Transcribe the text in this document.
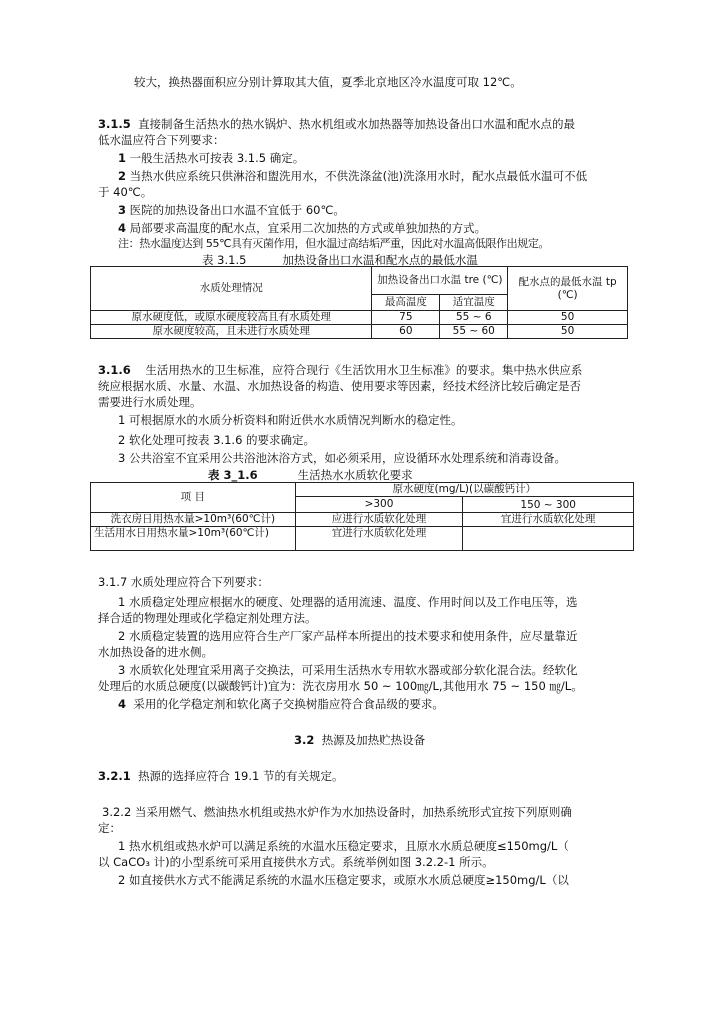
较大，换热器面积应分别计算取其大值，夏季北京地区冷水温度可取 12℃。
3.1.5 直接制备生活热水的热水锅炉、热水机组或水加热器等加热设备出口水温和配水点的最
低水温应符合下列要求：
1 一般生活热水可按表 3.1.5 确定。
2 当热水供应系统只供淋浴和盥洗用水，不供洗涤盆(池)洗涤用水时，配水点最低水温可不低
于 40℃。
3 医院的加热设备出口水温不宜低于 60℃。
4 局部要求高温度的配水点，宜采用二次加热的方式或单独加热的方式。
注：热水温度达到 55℃具有灭菌作用，但水温过高结垢严重，因此对水温高低限作出规定。
表 3.1.5	加热设备出口水温和配水点的最低水温
水质处理情况	加热设备出口水温 tre (℃)		配水点的最低水温 tp (℃)
	最高温度	适宜温度	
原水硬度低，或原水硬度较高且有水质处理	75	55 ~ 6	50
原水硬度较高，且未进行水质处理	60	55 ~ 60	50
3.1.6 生活用热水的卫生标准，应符合现行《生活饮用水卫生标准》的要求。集中热水供应系
统应根据水质、水量、水温、水加热设备的构造、使用要求等因素，经技术经济比较后确定是否
需要进行水质处理。
1 可根据原水的水质分析资料和附近供水水质情况判断水的稳定性。
2 软化处理可按表 3.1.6 的要求确定。
3 公共浴室不宜采用公共浴池沐浴方式，如必须采用，应设循环水处理系统和消毒设备。
表 3_1.6	生活热水水质软化要求
项 目	原水硬度(mg/L)(以碳酸钙计）	
	>300	150 ~ 300
洗衣房日用热水量>10m³(60℃计)	应进行水质软化处理	宜进行水质软化处理
生活用水日用热水量>10m³(60℃计)	宜进行水质软化处理	
3.1.7 水质处理应符合下列要求：
1 水质稳定处理应根据水的硬度、处理器的适用流速、温度、作用时间以及工作电压等，选
择合适的物理处理或化学稳定剂处理方法。
2 水质稳定装置的选用应符合生产厂家产品样本所提出的技术要求和使用条件，应尽量靠近
水加热设备的进水侧。
3 水质软化处理宜采用离子交换法，可采用生活热水专用软水器或部分软化混合法。经软化
处理后的水质总硬度(以碳酸钙计)宜为：洗衣房用水 50 ~ 100㎎/L,其他用水 75 ~ 150 ㎎/L。
4 采用的化学稳定剂和软化离子交换树脂应符合食品级的要求。
3.2 热源及加热贮热设备
3.2.1 热源的选择应符合 19.1 节的有关规定。
3.2.2 当采用燃气、燃油热水机组或热水炉作为水加热设备时，加热系统形式宜按下列原则确
定：
1 热水机组或热水炉可以满足系统的水温水压稳定要求，且原水水质总硬度≤150mg/L（
以 CaCO₃ 计)的小型系统可采用直接供水方式。系统举例如图 3.2.2-1 所示。
2 如直接供水方式不能满足系统的水温水压稳定要求，或原水水质总硬度≥150mg/L（以
